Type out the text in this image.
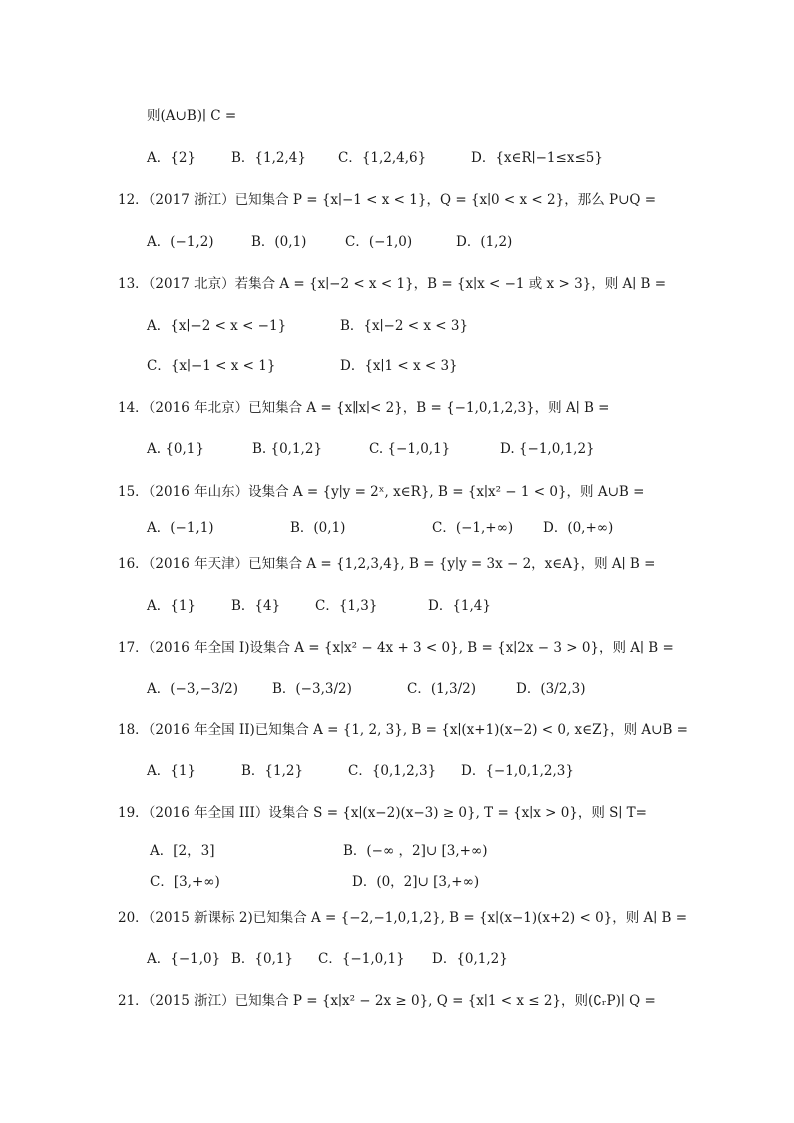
则(A∪B)∣ C =
A．{2}	B．{1,2,4} C．{1,2,4,6}	D．{x∈R∣−1≤x≤5}
12．（2017 浙江）已知集合 P = {x∣−1 < x < 1}，Q = {x∣0 < x < 2}，那么 P∪Q =
A．(−1,2)	B．(0,1)	C．(−1,0)	D．(1,2)
13．（2017 北京）若集合 A = {x∣−2 < x < 1}，B = {x∣x < −1 或 x > 3}，则 A∣ B =
A．{x∣−2 < x < −1}	B．{x∣−2 < x < 3}
C．{x∣−1 < x < 1}	D．{x∣1 < x < 3}
14．（2016 年北京）已知集合 A = {x∥x∣< 2}，B = {−1,0,1,2,3}，则 A∣ B =
A. {0,1}	B. {0,1,2}	C. {−1,0,1}	D. {−1,0,1,2}
15．（2016 年山东）设集合 A = {y∣y = 2ˣ, x∈R}, B = {x∣x² − 1 < 0}，则 A∪B =
A．(−1,1)	B．(0,1)	C．(−1,+∞) D．(0,+∞)
16．（2016 年天津）已知集合 A = {1,2,3,4}, B = {y∣y = 3x − 2，x∈A}，则 A∣ B =
A．{1}	B．{4}	C．{1,3}	D．{1,4}
17．（2016 年全国 I)设集合 A = {x∣x² − 4x + 3 < 0}, B = {x∣2x − 3 > 0}，则 A∣ B =
A．(−3,−3/2)	B．(−3,3/2)	C．(1,3/2)	D．(3/2,3)
18．（2016 年全国 II)已知集合 A = {1, 2, 3}, B = {x∣(x+1)(x−2) < 0, x∈Z}，则 A∪B =
A．{1}	B．{1,2}	C．{0,1,2,3} D．{−1,0,1,2,3}
19．（2016 年全国 III）设集合 S = {x∣(x−2)(x−3) ≥ 0}, T = {x∣x > 0}，则 S∣ T=
A．[2，3]	B．(−∞ ，2]∪ [3,+∞)
C．[3,+∞)	D．(0，2]∪ [3,+∞)
20．（2015 新课标 2)已知集合 A = {−2,−1,0,1,2}, B = {x∣(x−1)(x+2) < 0}，则 A∣ B =
A．{−1,0} B．{0,1} C．{−1,0,1} D．{0,1,2}
21．（2015 浙江）已知集合 P = {x∣x² − 2x ≥ 0}, Q = {x∣1 < x ≤ 2}，则(∁ᵣP)∣ Q =
